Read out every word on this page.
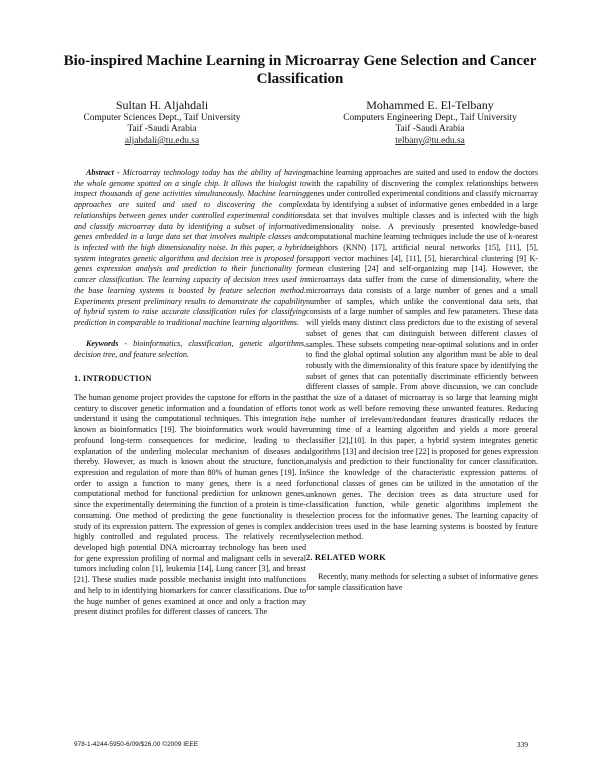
Bio-inspired Machine Learning in Microarray Gene Selection and Cancer Classification
Sultan H. Aljahdali
Computer Sciences Dept., Taif University
Taif -Saudi Arabia
aljahdali@tu.edu.sa
Mohammed E. El-Telbany
Computers Engineering Dept., Taif University
Taif -Saudi Arabia
telbany@tu.edu.sa

Abstract - Microarray technology today has the ability of having the whole genome spotted on a single chip. It allows the biologist to inspect thousands of gene activities simultaneously. Machine learning approaches are suited and used to discovering the complex relationships between genes under controlled experimental conditions and classify microarray data by identifying a subset of informative genes embedded in a large data set that involves multiple classes and is infected with the high dimensionality noise. In this paper, a hybrid system integrates genetic algorithms and decision tree is proposed for genes expression analysis and prediction to their functionality for cancer classification. The learning capacity of decision trees used in the base learning systems is boosted by feature selection method. Experiments present preliminary results to demonstrate the capability of hybrid system to raise accurate classification rules for classifying prediction in comparable to traditional machine learning algorithms.

Keywords - bioinformatics, classification, genetic algorithms, decision tree, and feature selection.

1. INTRODUCTION

The human genome project provides the capstone for efforts in the past century to discover genetic information and a foundation of efforts to understand it using the computational techniques. This integration is known as bioinformatics [19]. The bioinformatics work would have profound long-term consequences for medicine, leading to the explanation of the underling molecular mechanism of diseases and thereby. However, as much is known about the structure, function, expression and regulation of more than 80% of human genes [19]. In order to assign a function to many genes, there is a need for computational method for functional prediction for unknown genes, since the experimentally determining the function of a protein is time-consuming. One method of predicting the gene functionality is the study of its expression pattern. The expression of genes is complex and highly controlled and regulated process. The relatively recently developed high potential DNA microarray technology has been used for gene expression profiling of normal and malignant cells in several tumors including colon [1], leukemia [14], Lung cancer [3], and breast [21]. These studies made possible mechanist insight into malfunctions and help to in identifying biomarkers for cancer classifications. Due to the huge number of genes examined at once and only a fraction may present distinct profiles for different classes of cancers. The

machine learning approaches are suited and used to endow the doctors with the capability of discovering the complex relationships between genes under controlled experimental conditions and classify microarray data by identifying a subset of informative genes embedded in a large data set that involves multiple classes and is infected with the high dimensionality noise. A previously presented knowledge-based computational machine learning techniques include the use of k-nearest neighbors (KNN) [17], artificial neural networks [15], [11], [5], support vector machines [4], [11], [5], hierarchical clustering [9] K-mean clustering [24] and self-organizing map [14]. However, the microarrays data suffer from the curse of dimensionality, where the microarrays data consists of a large number of genes and a small number of samples, which unlike the conventional data sets, that consists of a large number of samples and few parameters. These data will yields many distinct class predictors due to the existing of several subset of genes that can distinguish between different classes of samples. These subsets competing near-optimal solutions and in order to find the global optimal solution any algorithm must be able to deal robustly with the dimensionality of this feature space by identifying the subset of genes that can potentially discriminate efficiently between different classes of sample. From above discussion, we can conclude that the size of a dataset of microarray is so large that learning might not work as well before removing these unwanted features. Reducing the number of irrelevant/redundant features drastically reduces the running time of a learning algorithm and yields a more general classifier [2],[10]. In this paper, a hybrid system integrates genetic algorithms [13] and decision tree [22] is proposed for genes expression analysis and prediction to their functionality for cancer classification. Since the knowledge of the characteristic expression patterns of functional classes of genes can be utilized in the annotation of the unknown genes. The decision trees as data structure used for classification function, while genetic algorithms implement the selection process for the informative genes. The learning capacity of decision trees used in the base learning systems is boosted by feature selection method.

2. RELATED WORK

Recently, many methods for selecting a subset of informative genes for sample classification have

978-1-4244-5950-6/09/$26.00 ©2009 IEEE	339
